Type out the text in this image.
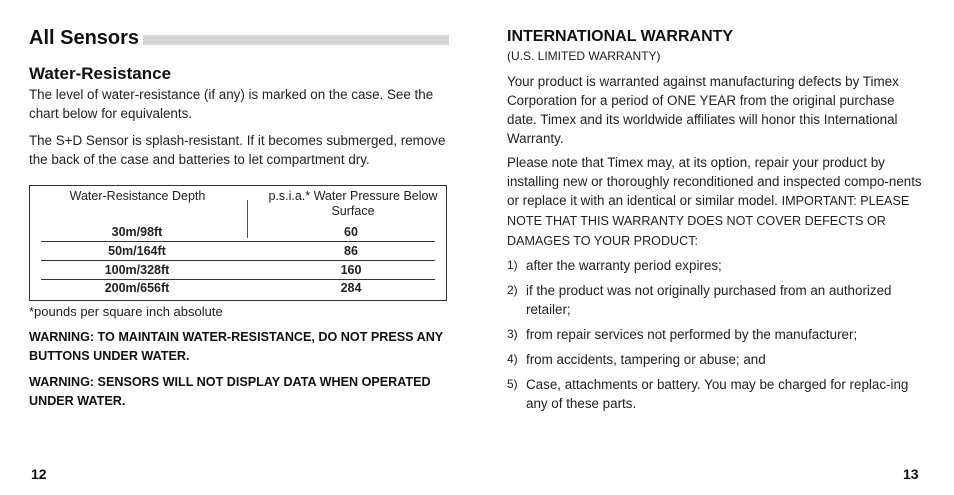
All Sensors
Water-Resistance

The level of water-resistance (if any) is marked on the case. See the chart below for equivalents.

The S+D Sensor is splash-resistant. If it becomes submerged, remove the back of the case and batteries to let compartment dry.

Water-Resistance Depth	p.s.i.a.* Water Pressure Below Surface
30m/98ft	60
50m/164ft	86
100m/328ft	160
200m/656ft	284
*pounds per square inch absolute
WARNING: TO MAINTAIN WATER-RESISTANCE, DO NOT PRESS ANY BUTTONS UNDER WATER.
WARNING: SENSORS WILL NOT DISPLAY DATA WHEN OPERATED UNDER WATER.
INTERNATIONAL WARRANTY
(U.S. LIMITED WARRANTY)

Your product is warranted against manufacturing defects by Timex Corporation for a period of ONE YEAR from the original purchase date. Timex and its worldwide affiliates will honor this International Warranty.

Please note that Timex may, at its option, repair your product by installing new or thoroughly reconditioned and inspected compo-nents or replace it with an identical or similar model. IMPORTANT: PLEASE NOTE THAT THIS WARRANTY DOES NOT COVER DEFECTS OR DAMAGES TO YOUR PRODUCT:

1) after the warranty period expires;
2) if the product was not originally purchased from an authorized retailer;
3) from repair services not performed by the manufacturer;
4) from accidents, tampering or abuse; and
5) Case, attachments or battery. You may be charged for replac-ing any of these parts.
12	13
